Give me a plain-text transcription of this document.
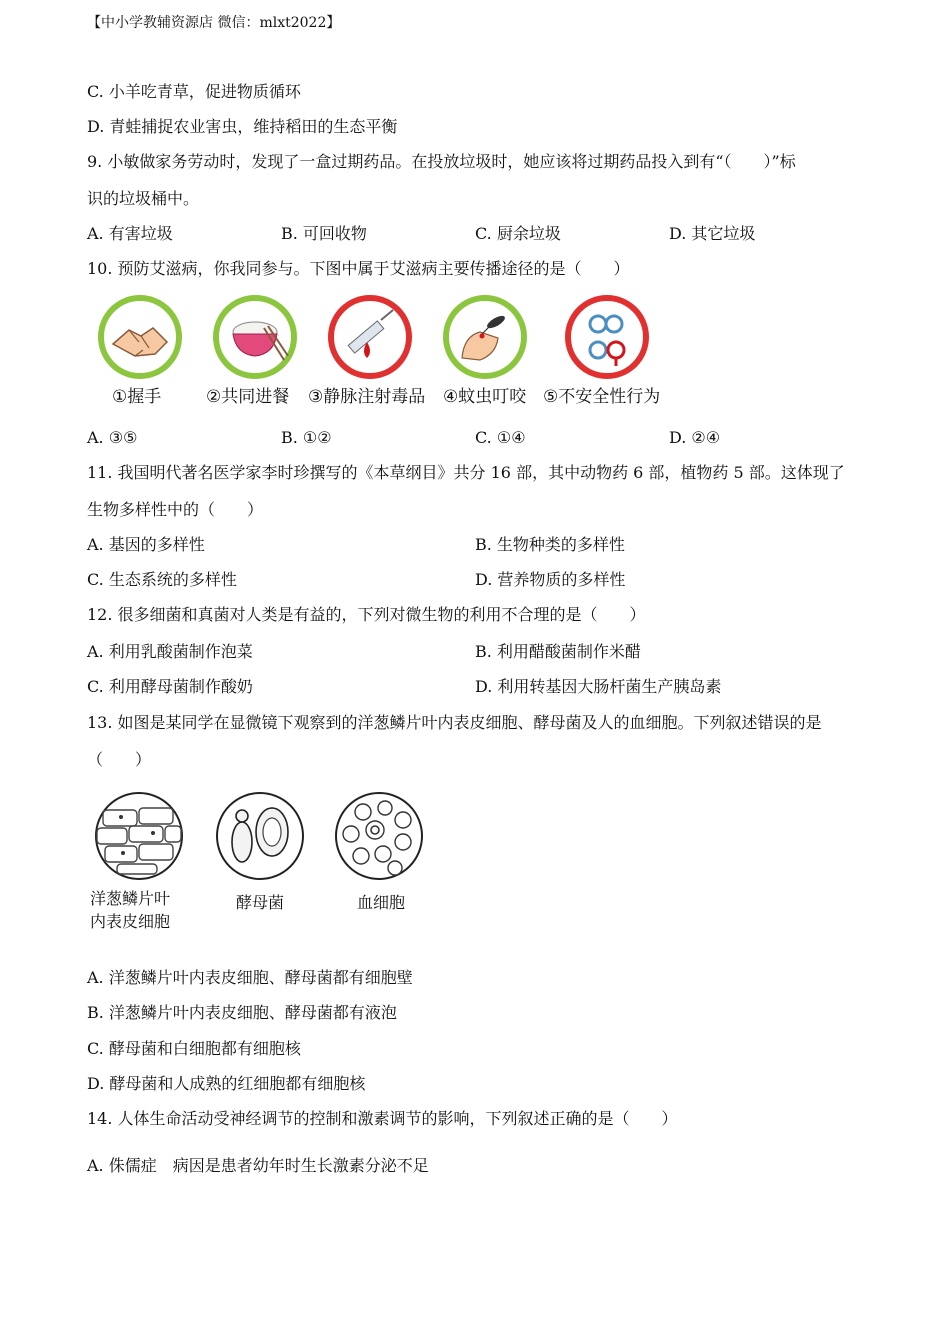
【中小学教辅资源店 微信：mlxt2022】
C. 小羊吃青草，促进物质循环
D. 青蛙捕捉农业害虫，维持稻田的生态平衡
9. 小敏做家务劳动时，发现了一盒过期药品。在投放垃圾时，她应该将过期药品投入到有“（　　）”标
识的垃圾桶中。
A. 有害垃圾	B. 可回收物	C. 厨余垃圾	D. 其它垃圾
10. 预防艾滋病，你我同参与。下图中属于艾滋病主要传播途径的是（　　）
①握手	②共同进餐 ③静脉注射毒品 ④蚊虫叮咬 ⑤不安全性行为
A. ③⑤	B. ①②	C. ①④	D. ②④
11. 我国明代著名医学家李时珍撰写的《本草纲目》共分 16 部，其中动物药 6 部，植物药 5 部。这体现了
生物多样性中的（　　）
A. 基因的多样性	B. 生物种类的多样性
C. 生态系统的多样性	D. 营养物质的多样性
12. 很多细菌和真菌对人类是有益的，下列对微生物的利用不合理的是（　　）
A. 利用乳酸菌制作泡菜	B. 利用醋酸菌制作米醋
C. 利用酵母菌制作酸奶	D. 利用转基因大肠杆菌生产胰岛素
13. 如图是某同学在显微镜下观察到的洋葱鳞片叶内表皮细胞、酵母菌及人的血细胞。下列叙述错误的是
（　　）
洋葱鳞片叶
内表皮细胞
酵母菌	血细胞
A. 洋葱鳞片叶内表皮细胞、酵母菌都有细胞壁
B. 洋葱鳞片叶内表皮细胞、酵母菌都有液泡
C. 酵母菌和白细胞都有细胞核
D. 酵母菌和人成熟的红细胞都有细胞核
14. 人体生命活动受神经调节的控制和激素调节的影响，下列叙述正确的是（　　）
A. 侏儒症　病因是患者幼年时生长激素分泌不足
